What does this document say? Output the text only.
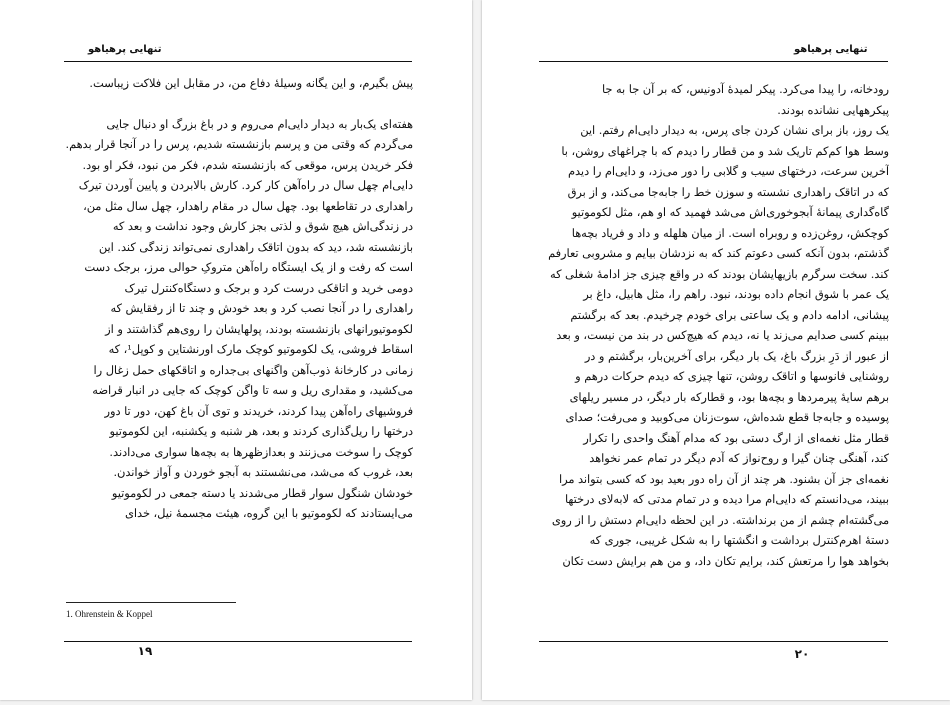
تنهایی پرهیاهو
پیش بگیرم، و این یگانه وسیلهٔ دفاع من، در مقابل این فلاکت زیباست.
هفته‌ای یک‌بار به دیدار دایی‌ام می‌روم و در باغ بزرگ او دنبال جایی
می‌گردم که وقتی من و پرسم بازنشسته شدیم، پرس را در آنجا قرار بدهم.
فکر خریدن پرس، موقعی که بازنشسته شدم، فکر من نبود، فکر او بود.
دایی‌ام چهل سال در راه‌آهن کار کرد. کارش بالابردن و پایین آوردن تیرک
راهداری در تقاطعها بود. چهل سال در مقام راهدار، چهل سال مثل من،
در زندگی‌اش هیچ شوق و لذتی بجز کارش وجود نداشت و بعد که
بازنشسته شد، دید که بدون اتاقک راهداری نمی‌تواند زندگی کند. این
است که رفت و از یک ایستگاه راه‌آهن متروکِ حوالی مرز، برجک دست
دومی خرید و اتاقکی درست کرد و برجک و دستگاه‌کنترل تیرک
راهداری را در آنجا نصب کرد و بعد خودش و چند تا از رفقایش که
لکوموتیورانهای بازنشسته بودند، پولهایشان را روی‌هم گذاشتند و از
اسقاط فروشی، یک لکوموتیو کوچک مارک اورنشتاین و کوپل¹، که
زمانی در کارخانهٔ ذوب‌آهن واگنهای بی‌جداره و اتاقکهای حمل زغال را
می‌کشید، و مقداری ریل و سه تا واگن کوچک که جایی در انبار قراضه
فروشیهای راه‌آهن پیدا کردند، خریدند و توی آن باغ کهن، دور تا دور
درختها را ریل‌گذاری کردند و بعد، هر شنبه و یکشنبه، این لکوموتیو
کوچک را سوخت می‌زنند و بعدازظهرها به بچه‌ها سواری می‌دادند.
بعد، غروب که می‌شد، می‌نشستند به آبجو خوردن و آواز خواندن.
خودشان شنگول سوار قطار می‌شدند یا دسته جمعی در لکوموتیو
می‌ایستادند که لکوموتیو با این گروه، هیئت مجسمهٔ نیل، خدای
1. Ohrenstein & Koppel
۱۹
تنهایی پرهیاهو
رودخانه، را پیدا می‌کرد. پیکر لمیدهٔ آدونیس، که بر آن جا به جا
پیکرههایی نشانده بودند.
یک روز، باز برای نشان کردن جای پرس، به دیدار دایی‌ام رفتم. این
وسط هوا کم‌کم تاریک شد و من قطار را دیدم که با چراغهای روشن، با
آخرین سرعت، درختهای سیب و گلابی را دور می‌زد، و دایی‌ام را دیدم
که در اتاقک راهداری نشسته و سوزن خط را جابه‌جا می‌کند، و از برق
گاه‌گداری پیمانهٔ آبجوخوری‌اش می‌شد فهمید که او هم، مثل لکوموتیو
کوچکش، روغن‌زده و روبراه است. از میان هلهله و داد و فریاد بچه‌ها
گذشتم، بدون آنکه کسی دعوتم کند که به نزدشان بیایم و مشروبی تعارفم
کند. سخت سرگرم بازیهایشان بودند که در واقع چیزی جز ادامهٔ شغلی که
یک عمر با شوق انجام داده بودند، نبود. راهم را، مثل هابیل، داغ بر
پیشانی، ادامه دادم و یک ساعتی برای خودم چرخیدم. بعد که برگشتم
ببینم کسی صدایم می‌زند یا نه، دیدم که هیچ‌کس در بند من نیست، و بعد
از عبور از دَرِ بزرگ باغ، یک بار دیگر، برای آخرین‌بار، برگشتم و در
روشنایی فانوسها و اتاقک روشن، تنها چیزی که دیدم حرکات درهم و
برهم سایهٔ پیرمردها و بچه‌ها بود، و قطارکه بار دیگر، در مسیر ریلهای
پوسیده و جابه‌جا قطع شده‌اش، سوت‌زنان می‌کوبید و می‌رفت؛ صدای
قطار مثل نغمه‌ای از ارگ دستی بود که مدام آهنگ واحدی را تکرار
کند، آهنگی چنان گیرا و روح‌نواز که آدم دیگر در تمام عمر نخواهد
نغمه‌ای جز آن بشنود. هر چند از آن راه دور بعید بود که کسی بتواند مرا
ببیند، می‌دانستم که دایی‌ام مرا دیده و در تمام مدتی که لابه‌لای درختها
می‌گشته‌ام چشم از من برنداشته. در این لحظه دایی‌ام دستش را از روی
دستهٔ اهرم‌کنترل برداشت و انگشتها را به شکل غریبی، جوری که
بخواهد هوا را مرتعش کند، برایم تکان داد، و من هم برایش دست تکان
۲۰
